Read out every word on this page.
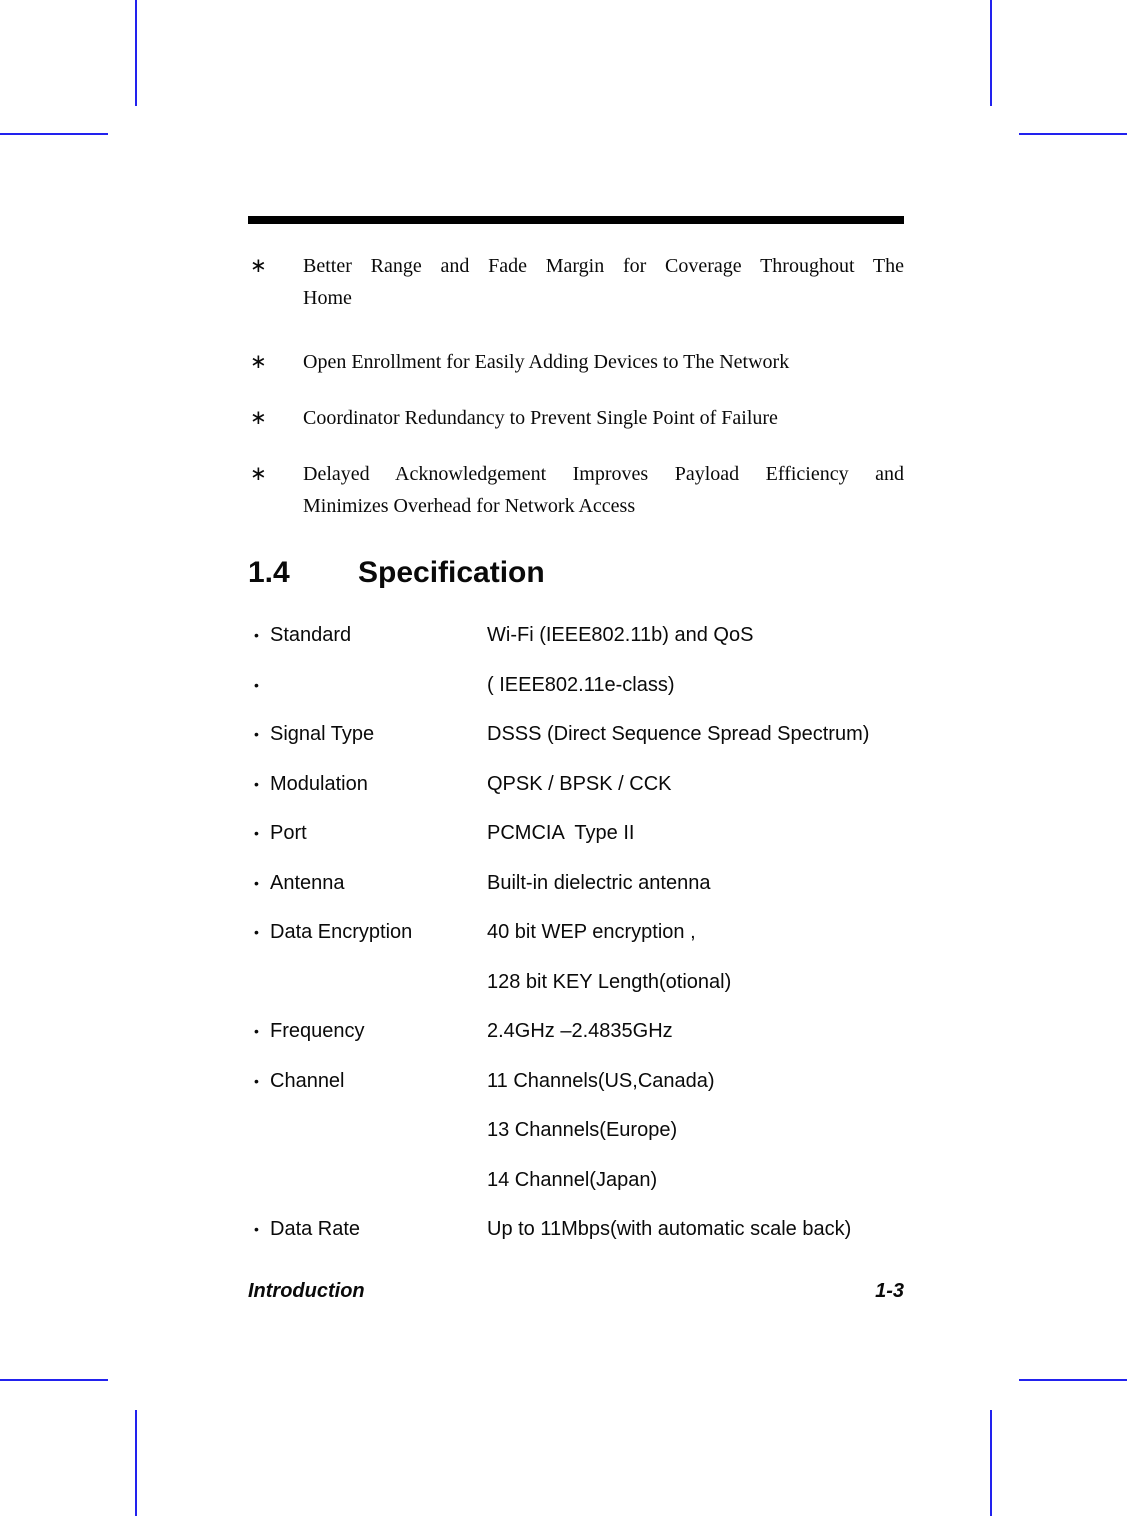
∗ Better Range and Fade Margin for Coverage Throughout The
Home
∗ Open Enrollment for Easily Adding Devices to The Network
∗ Coordinator Redundancy to Prevent Single Point of Failure
∗ Delayed Acknowledgement Improves Payload Efficiency and
Minimizes Overhead for Network Access
1.4 Specification
• Standard	Wi-Fi (IEEE802.11b) and QoS
•	( IEEE802.11e-class)
• Signal Type	DSSS (Direct Sequence Spread Spectrum)
• Modulation	QPSK / BPSK / CCK
• Port	PCMCIA  Type II
• Antenna	Built-in dielectric antenna
• Data Encryption	40 bit WEP encryption ,
128 bit KEY Length(otional)
• Frequency	2.4GHz –2.4835GHz
• Channel	11 Channels(US,Canada)
13 Channels(Europe)
14 Channel(Japan)
• Data Rate	Up to 11Mbps(with automatic scale back)
Introduction	1-3
